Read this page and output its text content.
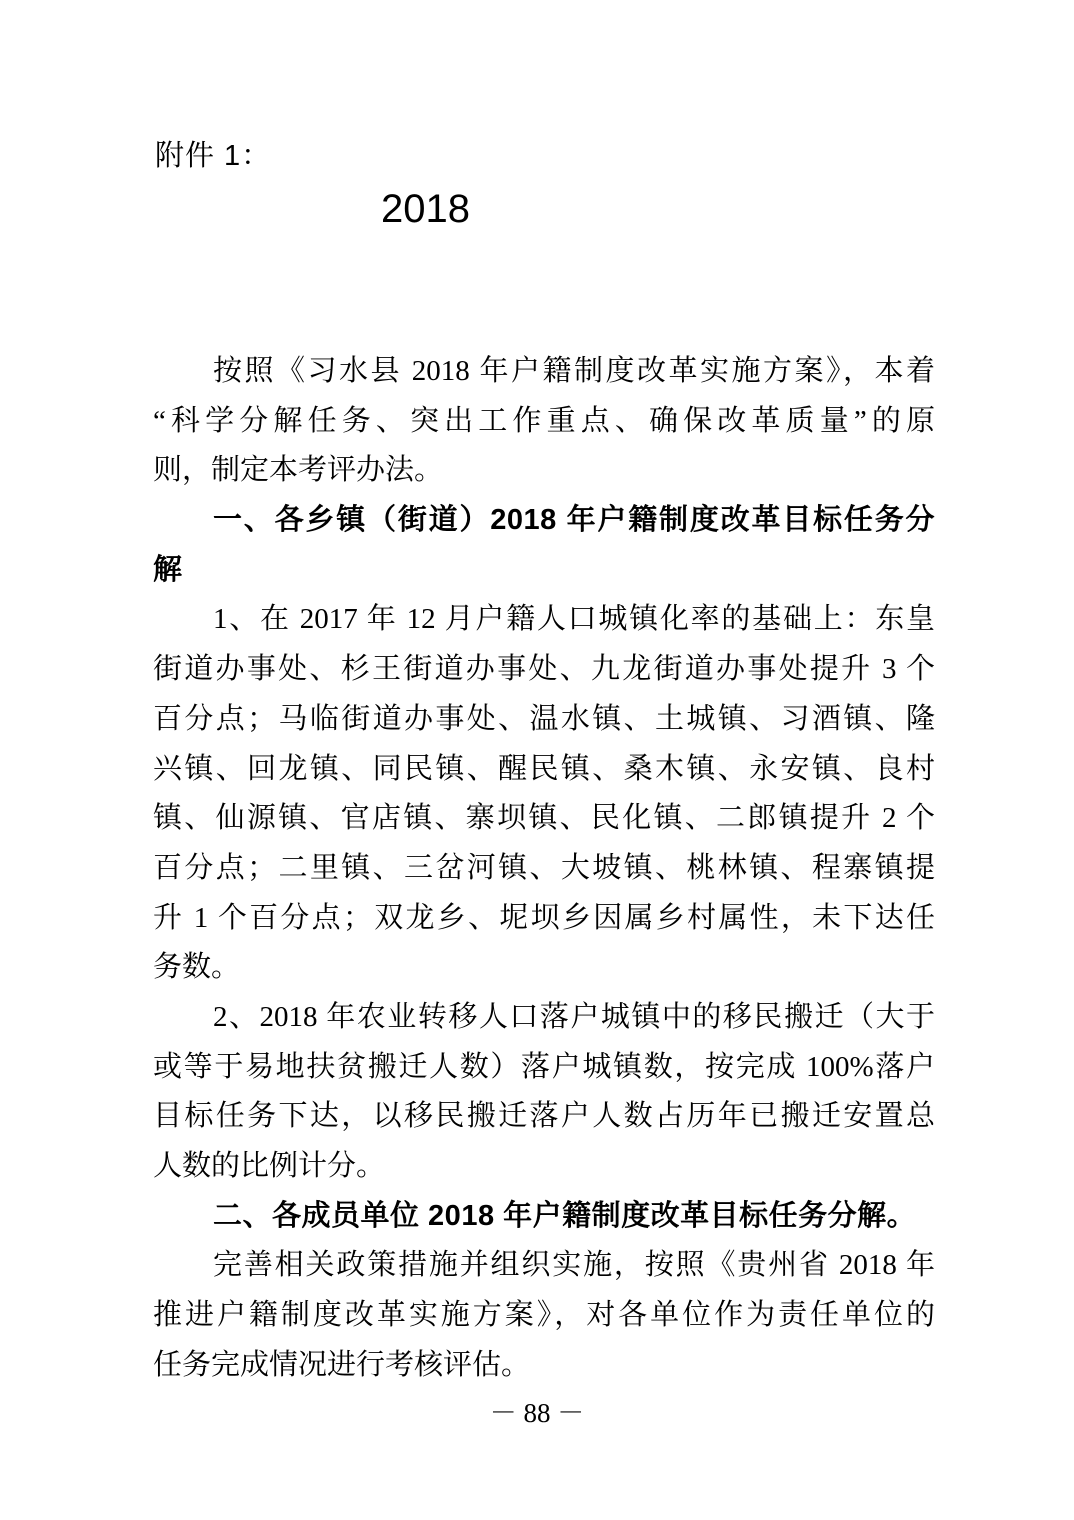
附件 1：
2018
按照《习水县 2018 年户籍制度改革实施方案》，本着
“科学分解任务、突出工作重点、确保改革质量”的原
则，制定本考评办法。
一、各乡镇（街道）2018 年户籍制度改革目标任务分
解
1、在 2017 年 12 月户籍人口城镇化率的基础上：东皇
街道办事处、杉王街道办事处、九龙街道办事处提升 3 个
百分点；马临街道办事处、温水镇、土城镇、习酒镇、隆
兴镇、回龙镇、同民镇、醒民镇、桑木镇、永安镇、良村
镇、仙源镇、官店镇、寨坝镇、民化镇、二郎镇提升 2 个
百分点；二里镇、三岔河镇、大坡镇、桃林镇、程寨镇提
升 1 个百分点；双龙乡、坭坝乡因属乡村属性，未下达任
务数。
2、2018 年农业转移人口落户城镇中的移民搬迁（大于
或等于易地扶贫搬迁人数）落户城镇数，按完成 100%落户
目标任务下达，以移民搬迁落户人数占历年已搬迁安置总
人数的比例计分。
二、各成员单位 2018 年户籍制度改革目标任务分解。
完善相关政策措施并组织实施，按照《贵州省 2018 年
推进户籍制度改革实施方案》，对各单位作为责任单位的
任务完成情况进行考核评估。
－ 88 －
